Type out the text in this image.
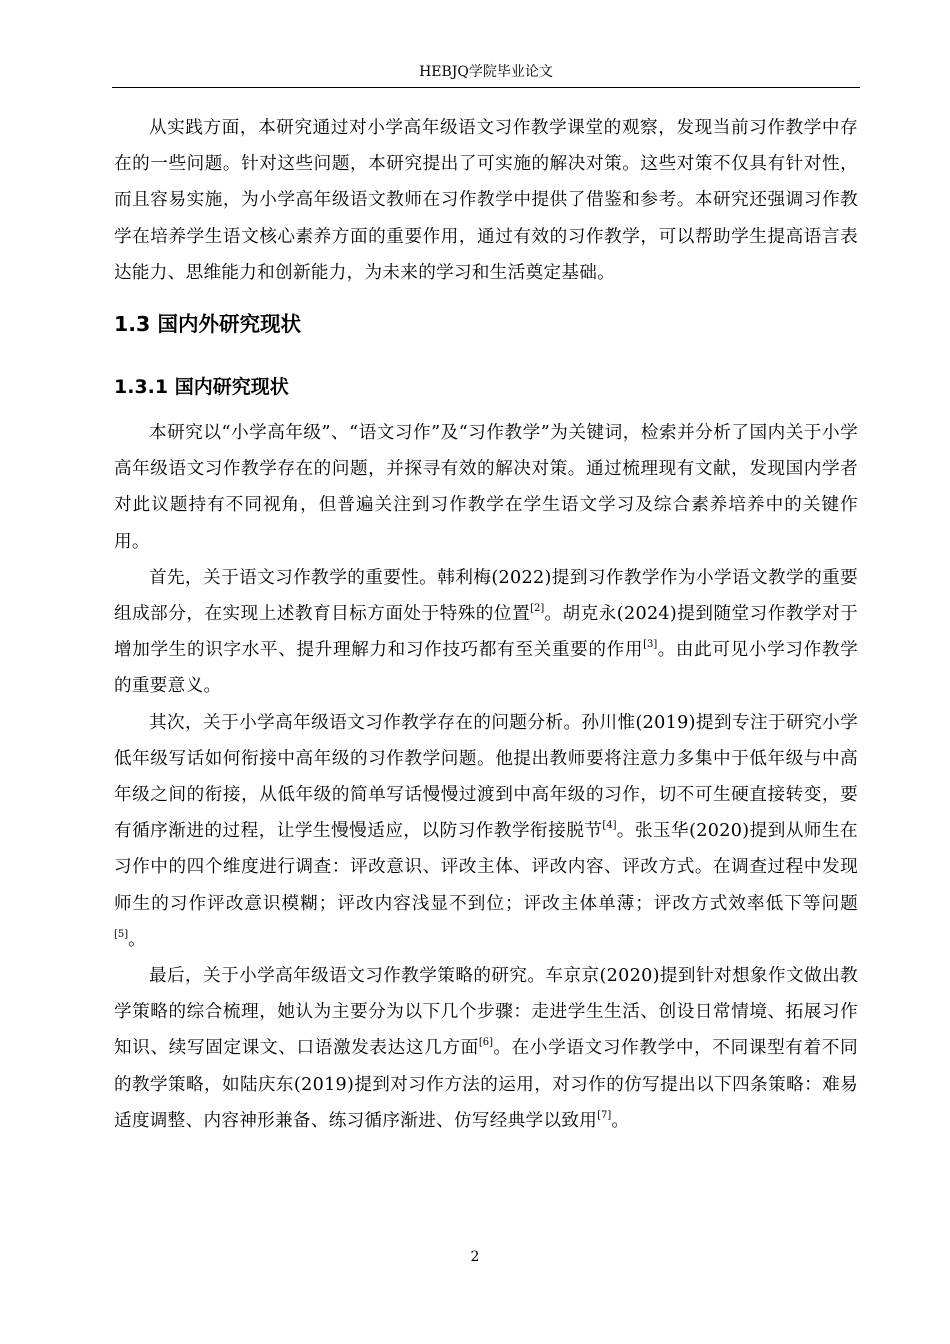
HEBJQ学院毕业论文

从实践方面，本研究通过对小学高年级语文习作教学课堂的观察，发现当前习作教学中存在的一些问题。针对这些问题，本研究提出了可实施的解决对策。这些对策不仅具有针对性，而且容易实施，为小学高年级语文教师在习作教学中提供了借鉴和参考。本研究还强调习作教学在培养学生语文核心素养方面的重要作用，通过有效的习作教学，可以帮助学生提高语言表达能力、思维能力和创新能力，为未来的学习和生活奠定基础。

1.3 国内外研究现状
1.3.1 国内研究现状

本研究以“小学高年级”、“语文习作”及“习作教学”为关键词，检索并分析了国内关于小学高年级语文习作教学存在的问题，并探寻有效的解决对策。通过梳理现有文献，发现国内学者对此议题持有不同视角，但普遍关注到习作教学在学生语文学习及综合素养培养中的关键作用。

首先，关于语文习作教学的重要性。韩利梅(2022)提到习作教学作为小学语文教学的重要组成部分，在实现上述教育目标方面处于特殊的位置[2]。胡克永(2024)提到随堂习作教学对于增加学生的识字水平、提升理解力和习作技巧都有至关重要的作用[3]。由此可见小学习作教学的重要意义。

其次，关于小学高年级语文习作教学存在的问题分析。孙川惟(2019)提到专注于研究小学低年级写话如何衔接中高年级的习作教学问题。他提出教师要将注意力多集中于低年级与中高年级之间的衔接，从低年级的简单写话慢慢过渡到中高年级的习作，切不可生硬直接转变，要有循序渐进的过程，让学生慢慢适应，以防习作教学衔接脱节[4]。张玉华(2020)提到从师生在习作中的四个维度进行调查：评改意识、评改主体、评改内容、评改方式。在调查过程中发现师生的习作评改意识模糊；评改内容浅显不到位；评改主体单薄；评改方式效率低下等问题[5]。

最后，关于小学高年级语文习作教学策略的研究。车京京(2020)提到针对想象作文做出教学策略的综合梳理，她认为主要分为以下几个步骤：走进学生生活、创设日常情境、拓展习作知识、续写固定课文、口语激发表达这几方面[6]。在小学语文习作教学中，不同课型有着不同的教学策略，如陆庆东(2019)提到对习作方法的运用，对习作的仿写提出以下四条策略：难易适度调整、内容神形兼备、练习循序渐进、仿写经典学以致用[7]。

2
